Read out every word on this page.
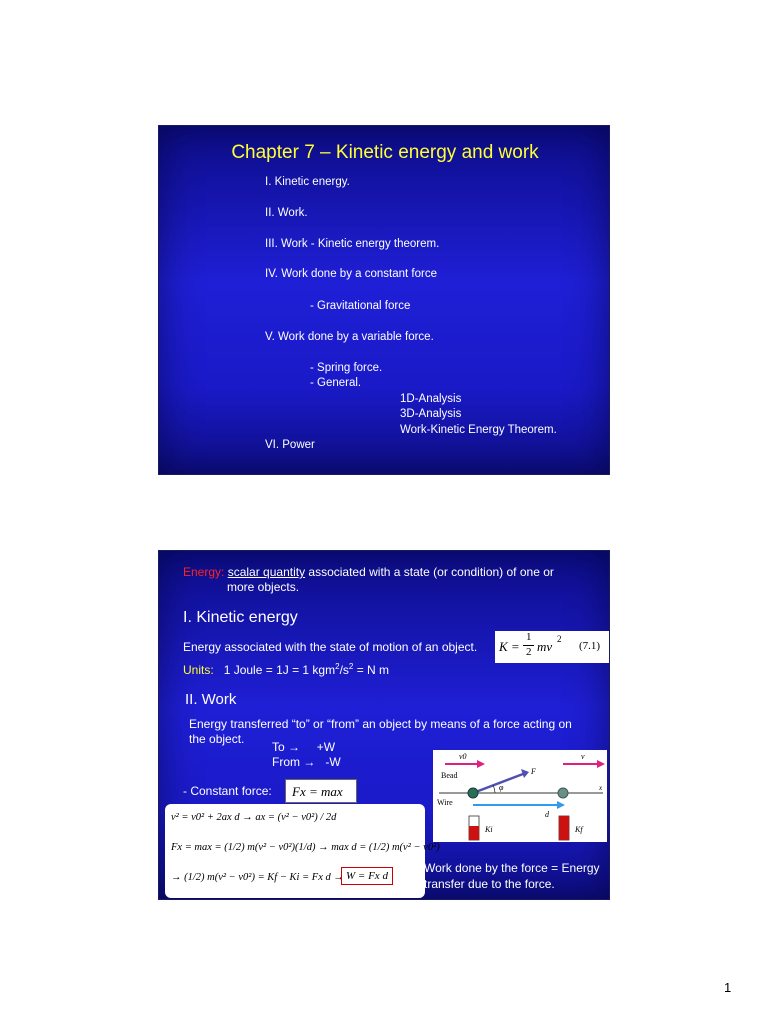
Chapter 7 – Kinetic energy and work
I. Kinetic energy.
II. Work.
III. Work - Kinetic energy theorem.
IV. Work done by a constant force
- Gravitational force
V. Work done by a variable force.
- Spring force.
- General.
1D-Analysis
3D-Analysis
Work-Kinetic Energy Theorem.
VI. Power
Energy: scalar quantity associated with a state (or condition) of one or
more objects.
I. Kinetic energy
Energy associated with the state of motion of an object. K =
1
2 mv 2
(7.1)
Units: 1 Joule = 1J = 1 $kgm^2/s^2 = N$ m
II. Work
Energy transferred “to” or “from” an object by means of a force acting on
the object.
To →     +W
From →   -W
- Constant force: Fx = max
v² = v0² + 2ax d → ax = (v² − v0²) / 2d
Fx = max = (1/2) m(v² − v0²)(1/d) → max d = (1/2) m(v² − v0²)
→ (1/2) m(v² − v0²) = Kf − Ki = Fx d → W = Fx d
Bead
Wire
v0	v
F
φ	x
d
Ki	Kf
Work done by the force = Energy
transfer due to the force.
1
